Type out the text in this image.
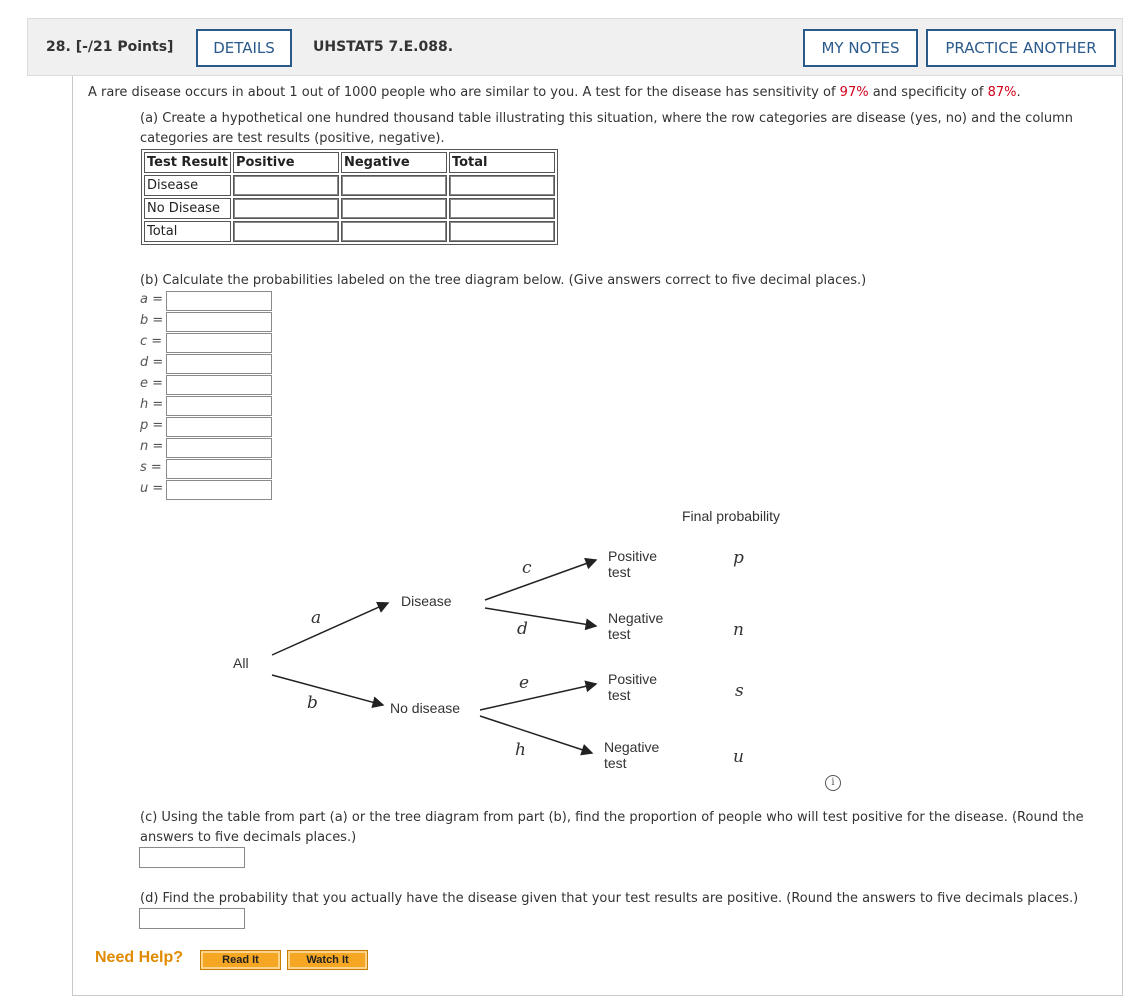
28. [-/21 Points]	DETAILS	UHSTAT5 7.E.088.	MY NOTES	PRACTICE ANOTHER
A rare disease occurs in about 1 out of 1000 people who are similar to you. A test for the disease has sensitivity of 97% and specificity of 87%.
(a) Create a hypothetical one hundred thousand table illustrating this situation, where the row categories are disease (yes, no) and the column
categories are test results (positive, negative).
Test Result	Positive	Negative	Total
Disease	

No Disease	

Total	

(b) Calculate the probabilities labeled on the tree diagram below. (Give answers correct to five decimal places.)
a =
b =
c =
d =
e =
h =
p =
n =
s =
u =
Final probability
All
Disease
No disease
Positive
test
Negative
test
Positive
test
Negative
test
a
b
c
d
e
h
p
n
s
u
i
(c) Using the table from part (a) or the tree diagram from part (b), find the proportion of people who will test positive for the disease. (Round the
answers to five decimals places.)
(d) Find the probability that you actually have the disease given that your test results are positive. (Round the answers to five decimals places.)
Need Help?	Read It	Watch It
